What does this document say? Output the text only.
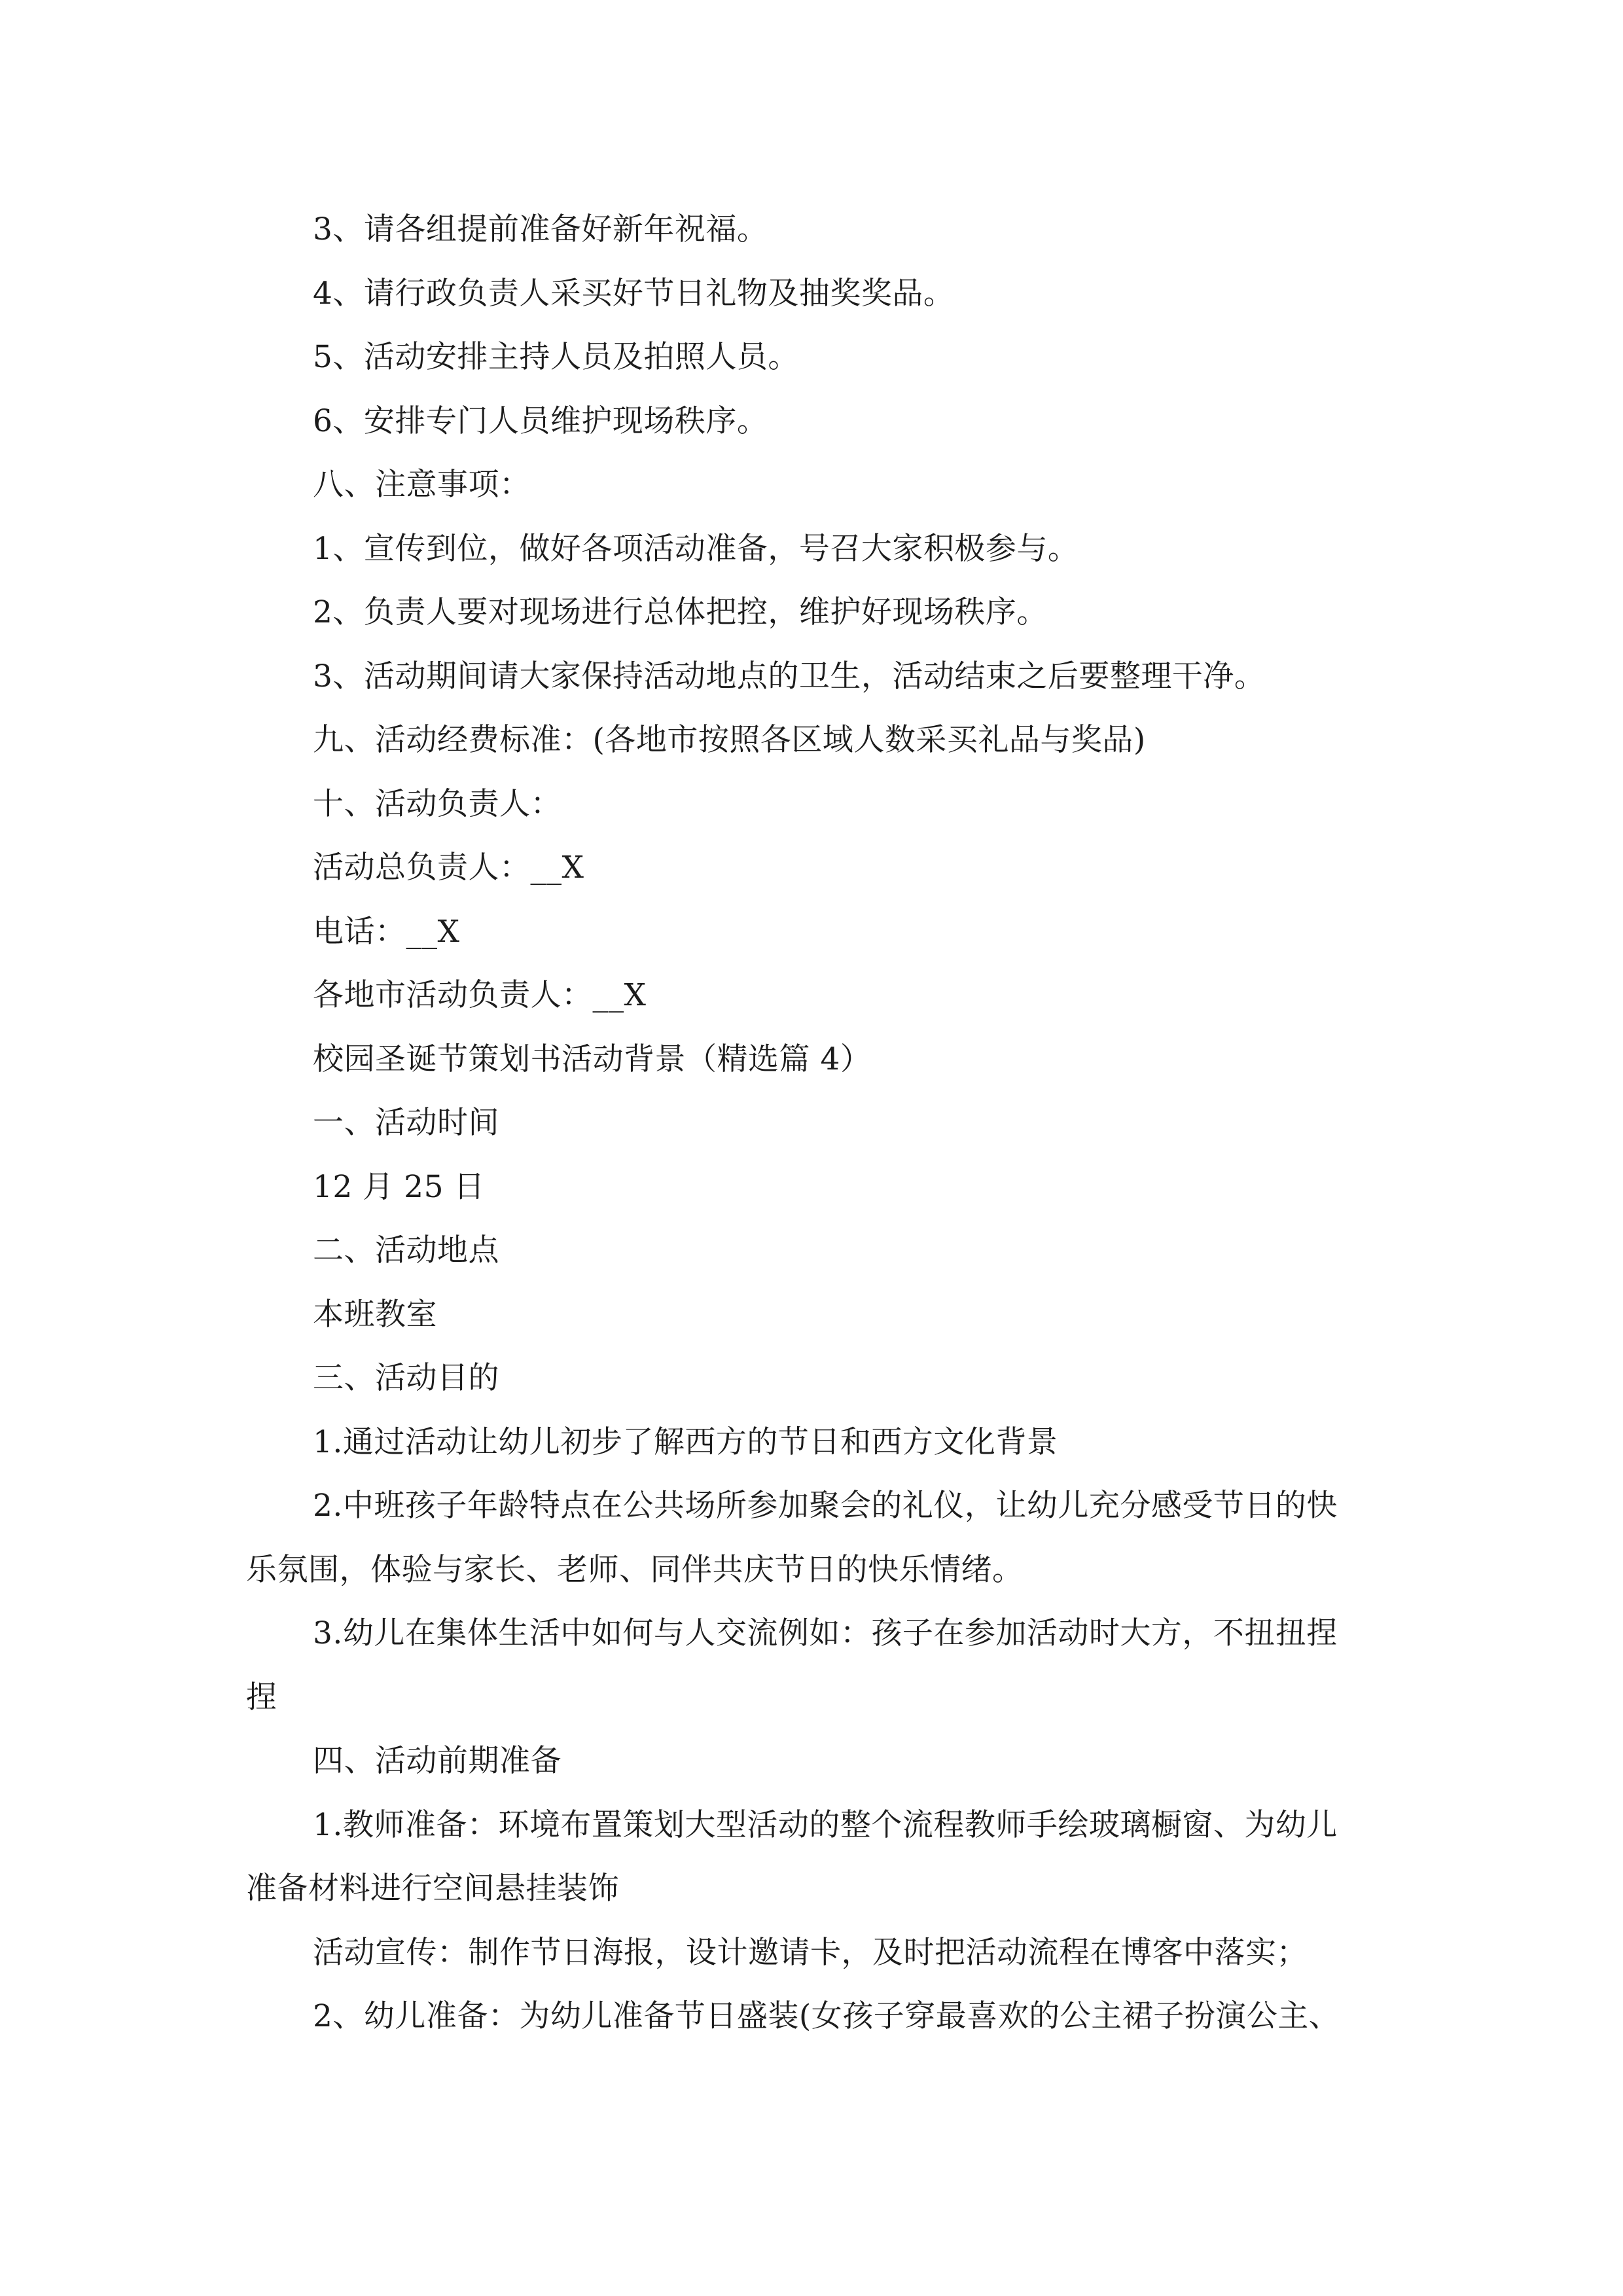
3、请各组提前准备好新年祝福。

4、请行政负责人采买好节日礼物及抽奖奖品。

5、活动安排主持人员及拍照人员。

6、安排专门人员维护现场秩序。

八、注意事项：

1、宣传到位，做好各项活动准备，号召大家积极参与。

2、负责人要对现场进行总体把控，维护好现场秩序。

3、活动期间请大家保持活动地点的卫生，活动结束之后要整理干净。

九、活动经费标准：(各地市按照各区域人数采买礼品与奖品)

十、活动负责人：

活动总负责人：__X

电话：__X

各地市活动负责人：__X

校园圣诞节策划书活动背景（精选篇 4）

一、活动时间

12 月 25 日

二、活动地点

本班教室

三、活动目的

1.通过活动让幼儿初步了解西方的节日和西方文化背景

2.中班孩子年龄特点在公共场所参加聚会的礼仪，让幼儿充分感受节日的快

乐氛围，体验与家长、老师、同伴共庆节日的快乐情绪。

3.幼儿在集体生活中如何与人交流例如：孩子在参加活动时大方，不扭扭捏

捏

四、活动前期准备

1.教师准备：环境布置策划大型活动的整个流程教师手绘玻璃橱窗、为幼儿

准备材料进行空间悬挂装饰

活动宣传：制作节日海报，设计邀请卡，及时把活动流程在博客中落实；

2、幼儿准备：为幼儿准备节日盛装(女孩子穿最喜欢的公主裙子扮演公主、
